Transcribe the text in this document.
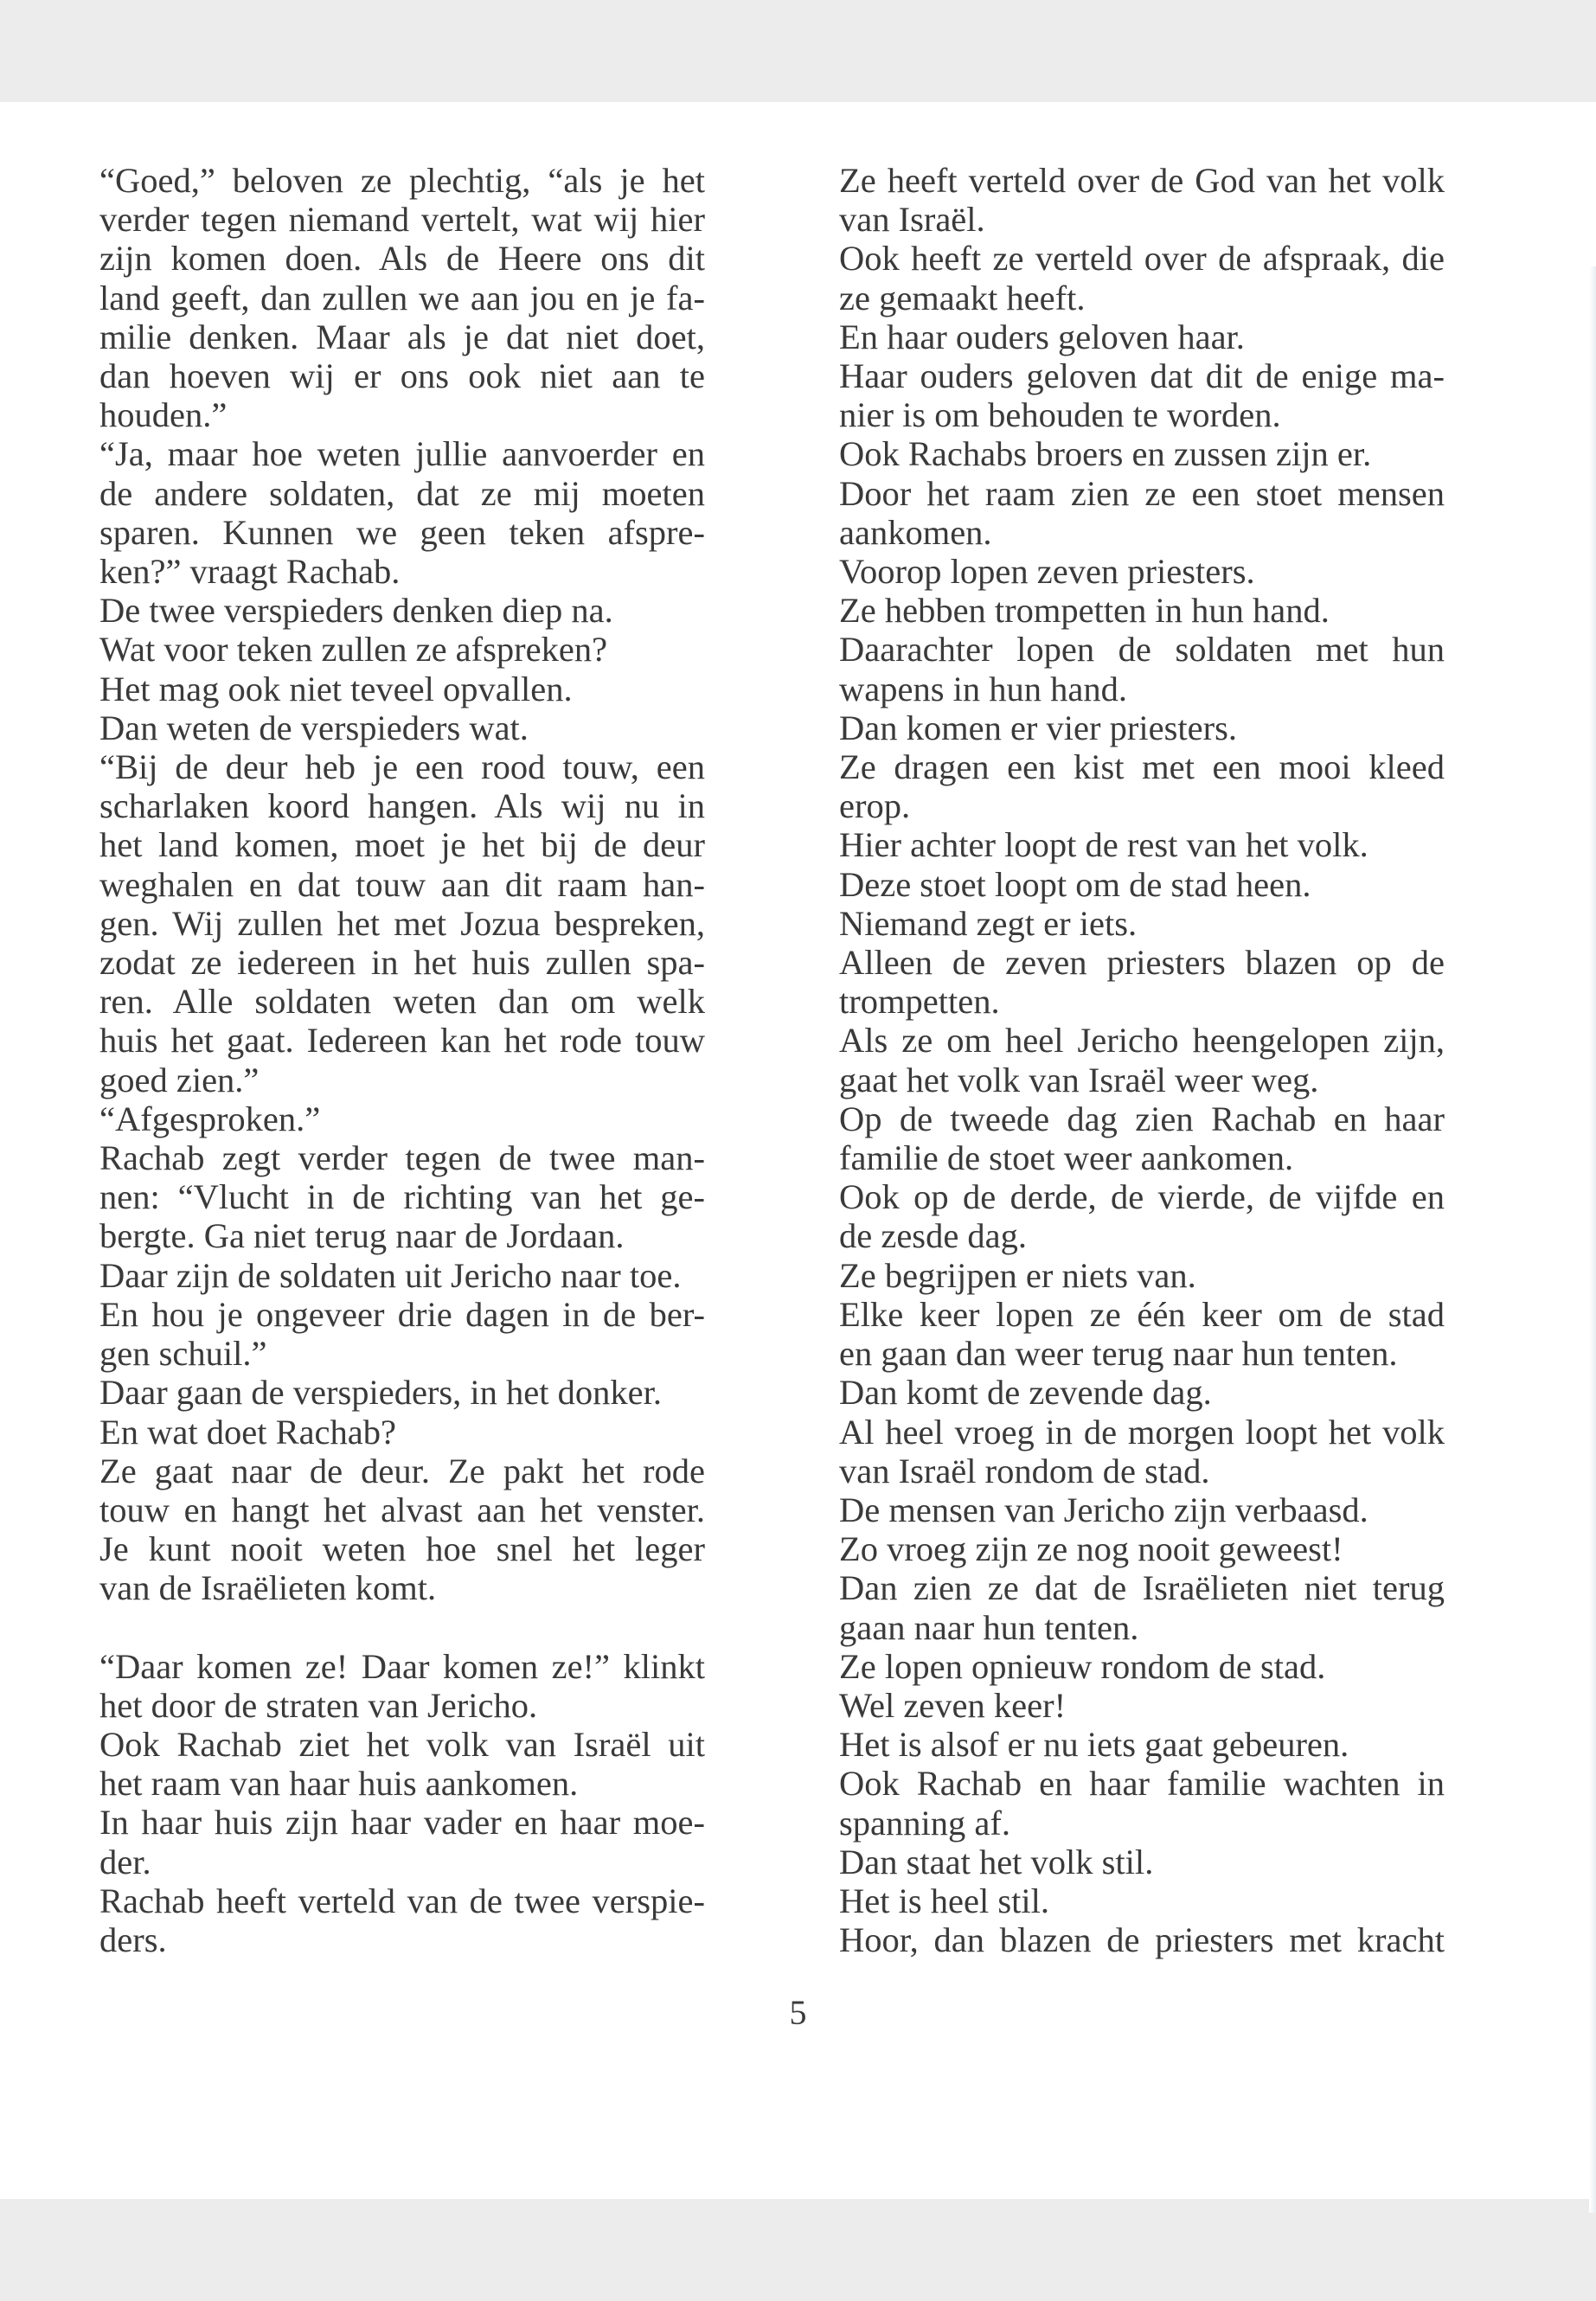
“Goed,” beloven ze plechtig, “als je het
verder tegen niemand vertelt, wat wij hier
zijn komen doen. Als de Heere ons dit
land geeft, dan zullen we aan jou en je fa-
milie denken. Maar als je dat niet doet,
dan hoeven wij er ons ook niet aan te
houden.”
“Ja, maar hoe weten jullie aanvoerder en
de andere soldaten, dat ze mij moeten
sparen. Kunnen we geen teken afspre-
ken?” vraagt Rachab.
De twee verspieders denken diep na.
Wat voor teken zullen ze afspreken?
Het mag ook niet teveel opvallen.
Dan weten de verspieders wat.
“Bij de deur heb je een rood touw, een
scharlaken koord hangen. Als wij nu in
het land komen, moet je het bij de deur
weghalen en dat touw aan dit raam han-
gen. Wij zullen het met Jozua bespreken,
zodat ze iedereen in het huis zullen spa-
ren. Alle soldaten weten dan om welk
huis het gaat. Iedereen kan het rode touw
goed zien.”
“Afgesproken.”
Rachab zegt verder tegen de twee man-
nen: “Vlucht in de richting van het ge-
bergte. Ga niet terug naar de Jordaan.
Daar zijn de soldaten uit Jericho naar toe.
En hou je ongeveer drie dagen in de ber-
gen schuil.”
Daar gaan de verspieders, in het donker.
En wat doet Rachab?
Ze gaat naar de deur. Ze pakt het rode
touw en hangt het alvast aan het venster.
Je kunt nooit weten hoe snel het leger
van de Israëlieten komt.
“Daar komen ze! Daar komen ze!” klinkt
het door de straten van Jericho.
Ook Rachab ziet het volk van Israël uit
het raam van haar huis aankomen.
In haar huis zijn haar vader en haar moe-
der.
Rachab heeft verteld van de twee verspie-
ders.
Ze heeft verteld over de God van het volk
van Israël.
Ook heeft ze verteld over de afspraak, die
ze gemaakt heeft.
En haar ouders geloven haar.
Haar ouders geloven dat dit de enige ma-
nier is om behouden te worden.
Ook Rachabs broers en zussen zijn er.
Door het raam zien ze een stoet mensen
aankomen.
Voorop lopen zeven priesters.
Ze hebben trompetten in hun hand.
Daarachter lopen de soldaten met hun
wapens in hun hand.
Dan komen er vier priesters.
Ze dragen een kist met een mooi kleed
erop.
Hier achter loopt de rest van het volk.
Deze stoet loopt om de stad heen.
Niemand zegt er iets.
Alleen de zeven priesters blazen op de
trompetten.
Als ze om heel Jericho heengelopen zijn,
gaat het volk van Israël weer weg.
Op de tweede dag zien Rachab en haar
familie de stoet weer aankomen.
Ook op de derde, de vierde, de vijfde en
de zesde dag.
Ze begrijpen er niets van.
Elke keer lopen ze één keer om de stad
en gaan dan weer terug naar hun tenten.
Dan komt de zevende dag.
Al heel vroeg in de morgen loopt het volk
van Israël rondom de stad.
De mensen van Jericho zijn verbaasd.
Zo vroeg zijn ze nog nooit geweest!
Dan zien ze dat de Israëlieten niet terug
gaan naar hun tenten.
Ze lopen opnieuw rondom de stad.
Wel zeven keer!
Het is alsof er nu iets gaat gebeuren.
Ook Rachab en haar familie wachten in
spanning af.
Dan staat het volk stil.
Het is heel stil.
Hoor, dan blazen de priesters met kracht
5
